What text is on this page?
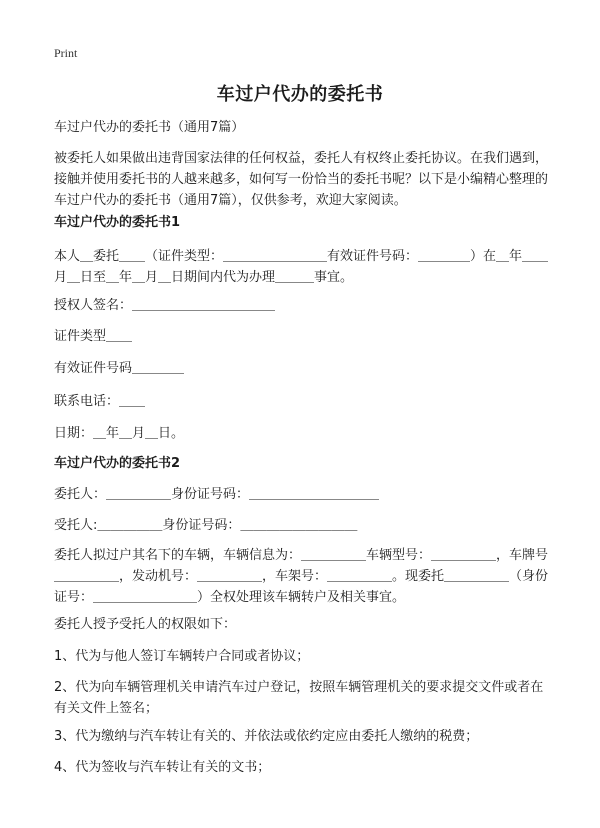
Print
车过户代办的委托书
车过户代办的委托书（通用7篇）
被委托人如果做出违背国家法律的任何权益，委托人有权终止委托协议。在我们遇到，接触并使用委托书的人越来越多，如何写一份恰当的委托书呢？以下是小编精心整理的车过户代办的委托书（通用7篇），仅供参考，欢迎大家阅读。
车过户代办的委托书1
本人＿委托＿＿（证件类型：＿＿＿＿＿＿＿＿有效证件号码：＿＿＿＿）在＿年＿＿月＿日至＿年＿月＿日期间内代为办理＿＿＿事宜。
授权人签名：＿＿＿＿＿＿＿＿＿＿＿
证件类型＿＿
有效证件号码＿＿＿＿
联系电话：＿＿
日期：＿年＿月＿日。
车过户代办的委托书2
委托人：＿＿＿＿＿身份证号码：＿＿＿＿＿＿＿＿＿＿
受托人:＿＿＿＿＿身份证号码：＿＿＿＿＿＿＿＿＿
委托人拟过户其名下的车辆，车辆信息为：＿＿＿＿＿车辆型号：＿＿＿＿＿，车牌号＿＿＿＿＿，发动机号：＿＿＿＿＿，车架号：＿＿＿＿＿。现委托＿＿＿＿＿（身份证号：＿＿＿＿＿＿＿＿）全权处理该车辆转户及相关事宜。
委托人授予受托人的权限如下：
1、代为与他人签订车辆转户合同或者协议；
2、代为向车辆管理机关申请汽车过户登记，按照车辆管理机关的要求提交文件或者在有关文件上签名；
3、代为缴纳与汽车转让有关的、并依法或依约定应由委托人缴纳的税费；
4、代为签收与汽车转让有关的文书；
